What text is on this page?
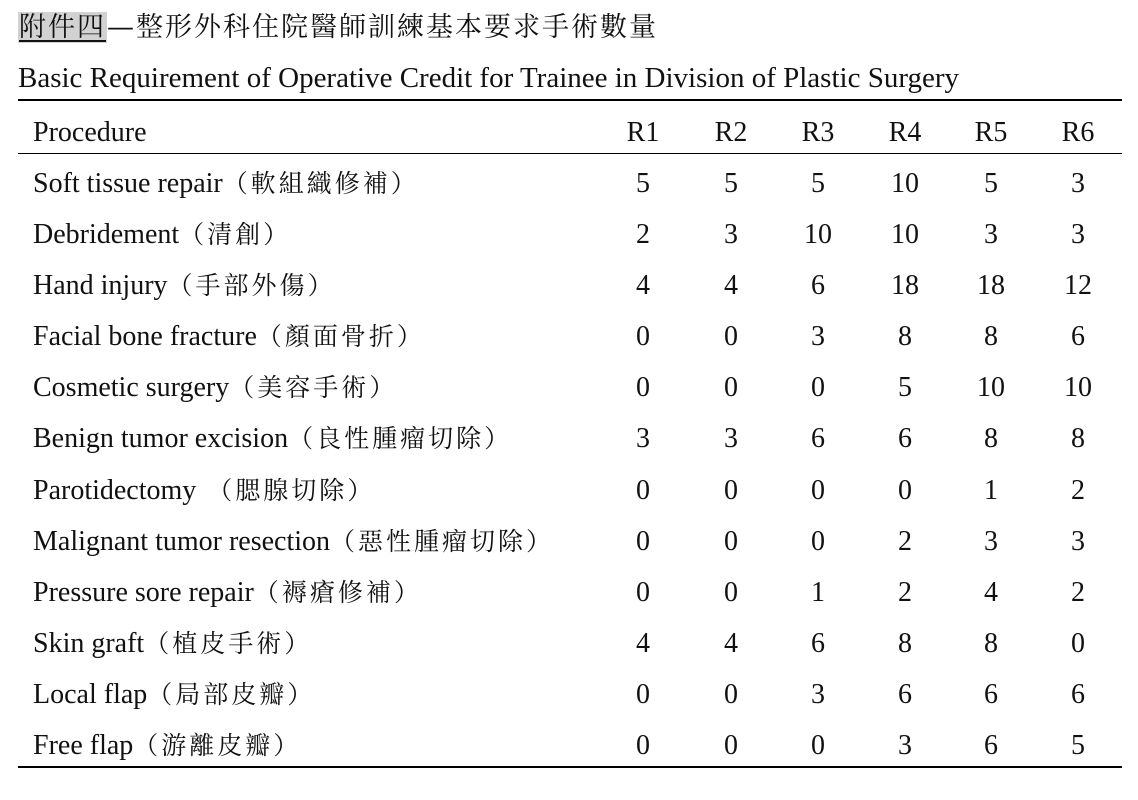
附件四—整形外科住院醫師訓練基本要求手術數量
Basic Requirement of Operative Credit for Trainee in Division of Plastic Surgery
Procedure	R1	R2	R3	R4	R5	R6
Soft tissue repair（軟組織修補）	5	5	5	10	5	3
Debridement（清創）	2	3	10	10	3	3
Hand injury（手部外傷）	4	4	6	18	18	12
Facial bone fracture（顏面骨折）	0	0	3	8	8	6
Cosmetic surgery（美容手術）	0	0	0	5	10	10
Benign tumor excision（良性腫瘤切除）	3	3	6	6	8	8
Parotidectomy （腮腺切除）	0	0	0	0	1	2
Malignant tumor resection（惡性腫瘤切除）	0	0	0	2	3	3
Pressure sore repair（褥瘡修補）	0	0	1	2	4	2
Skin graft（植皮手術）	4	4	6	8	8	0
Local flap（局部皮瓣）	0	0	3	6	6	6
Free flap（游離皮瓣）	0	0	0	3	6	5
